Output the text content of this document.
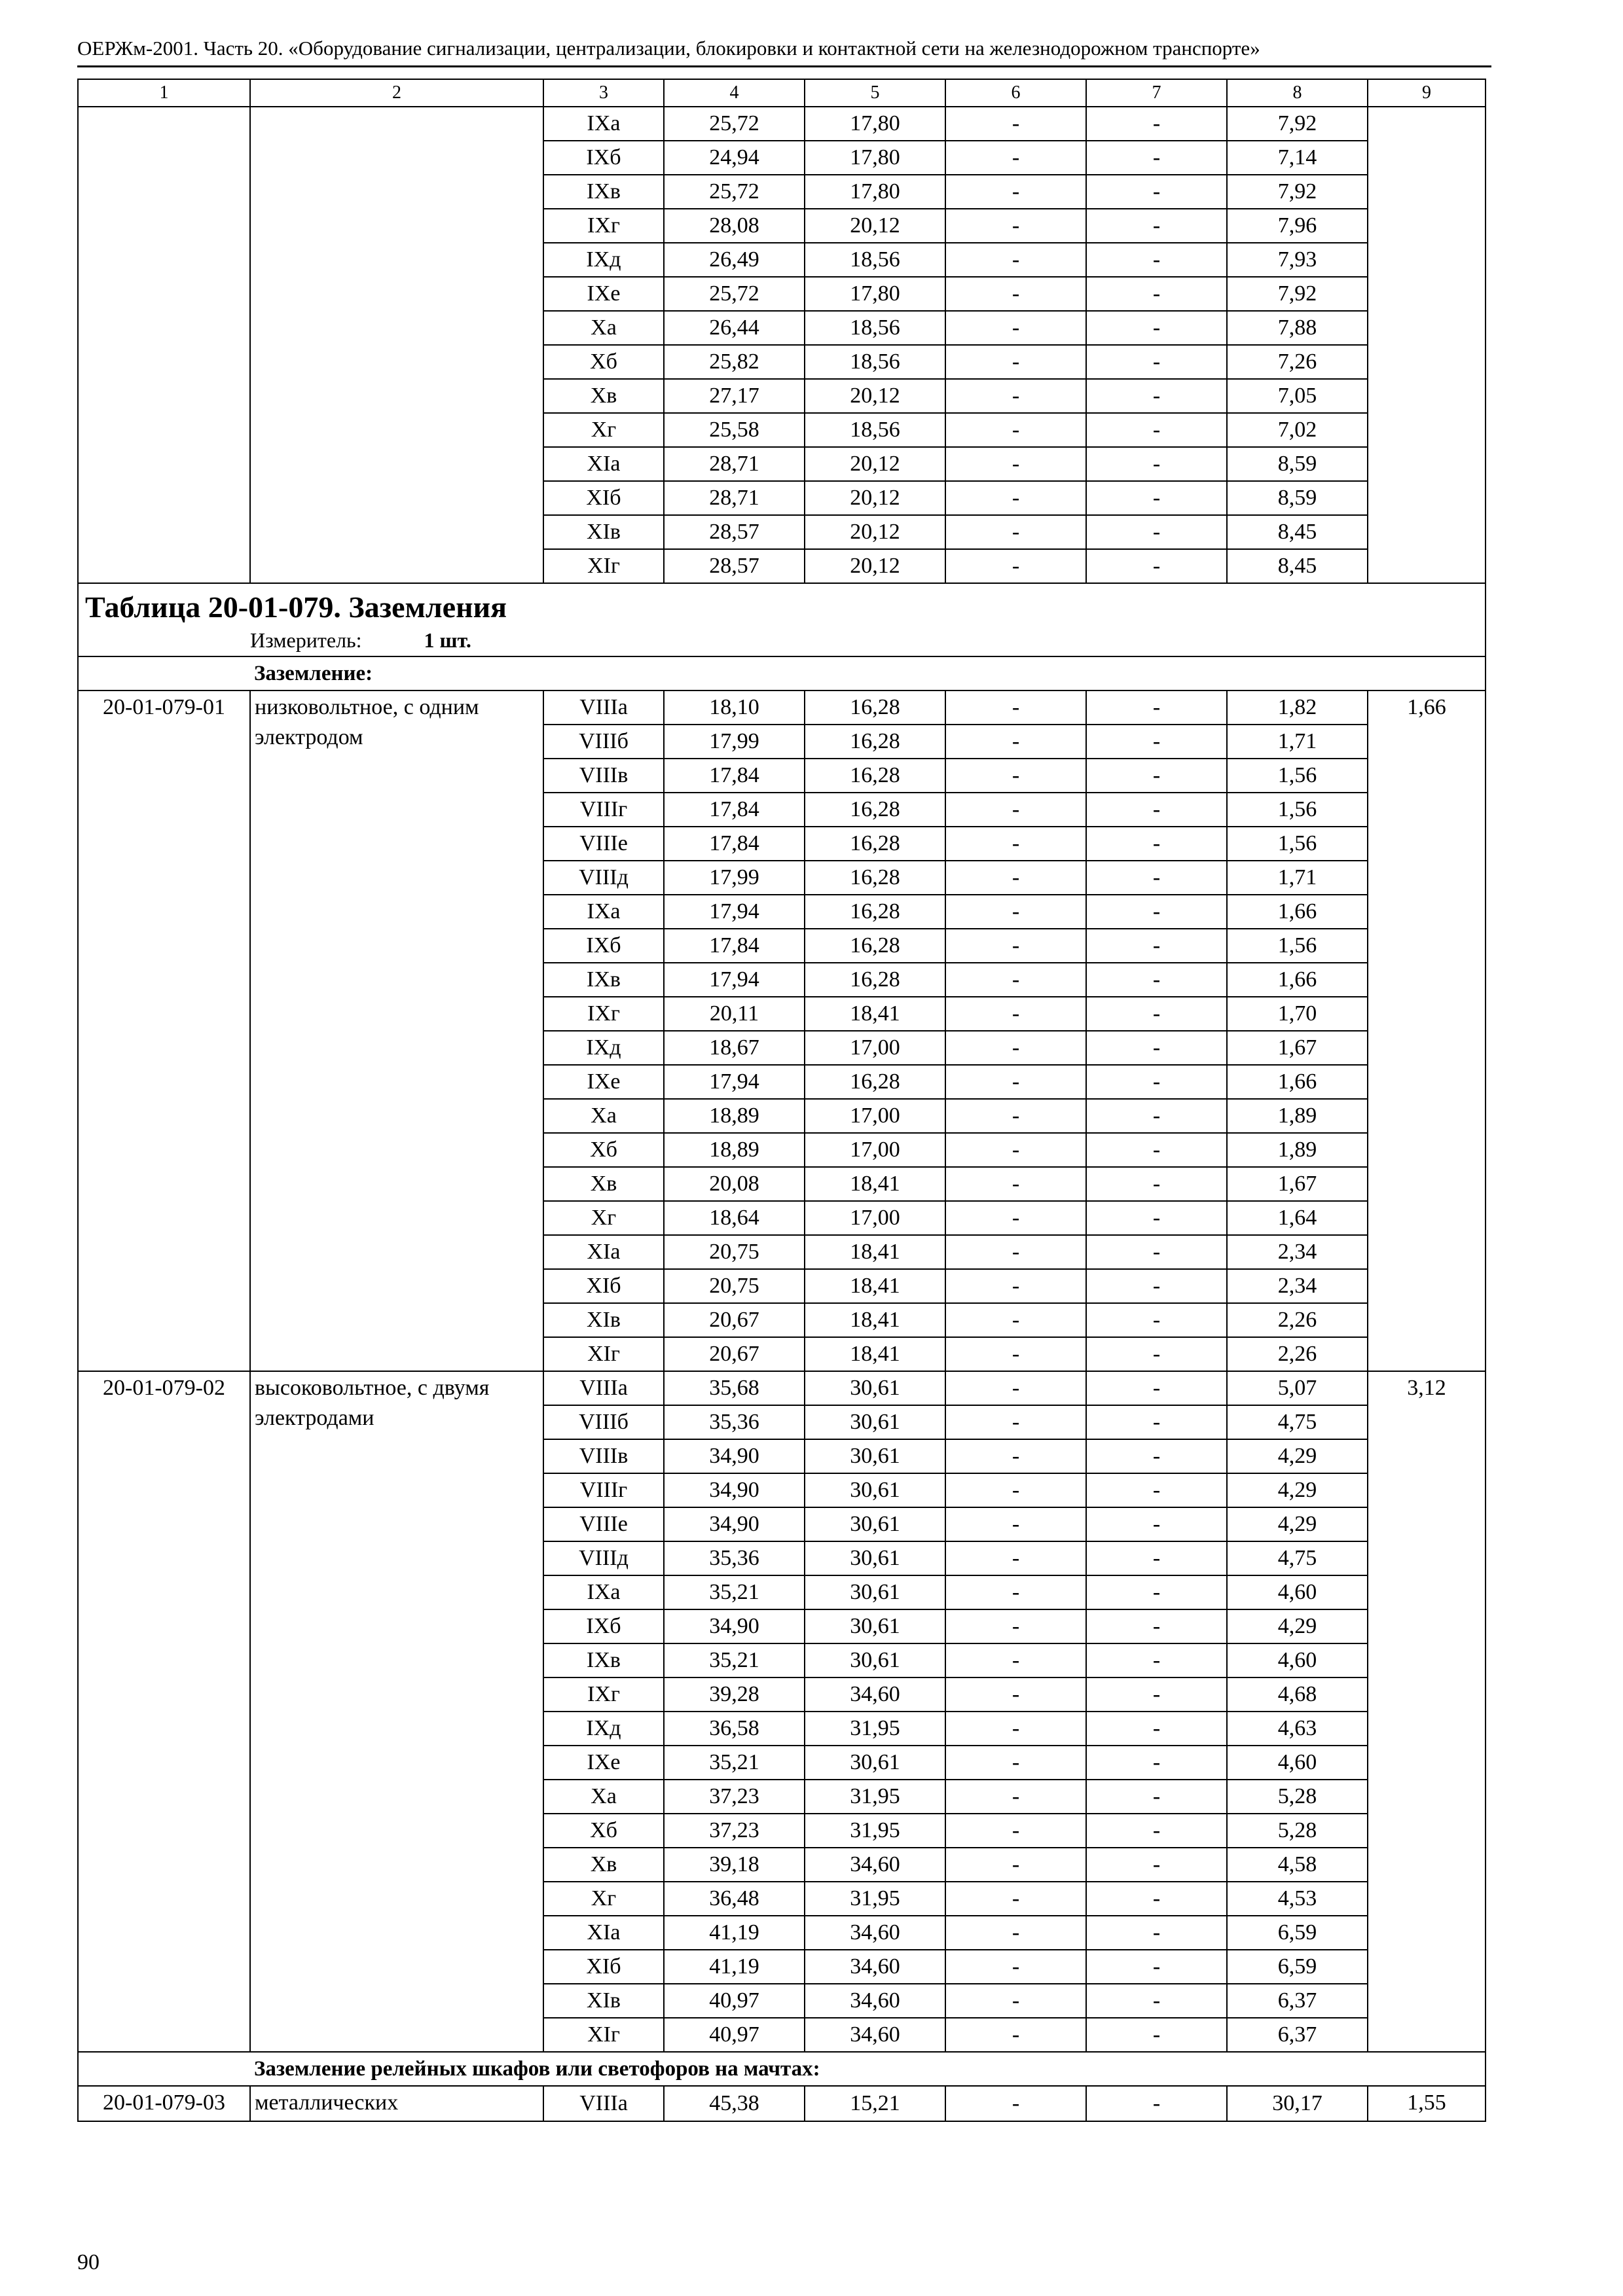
ОЕРЖм-2001. Часть 20. «Оборудование сигнализации, централизации, блокировки и контактной сети на железнодорожном транспорте»
1	2	3	4	5	6	7	8	9
		IXа	25,72	17,80	-	-	7,92	
		IXб	24,94	17,80	-	-	7,14	
		IXв	25,72	17,80	-	-	7,92	
		IXг	28,08	20,12	-	-	7,96	
		IXд	26,49	18,56	-	-	7,93	
		IXе	25,72	17,80	-	-	7,92	
		Xа	26,44	18,56	-	-	7,88	
		Xб	25,82	18,56	-	-	7,26	
		Xв	27,17	20,12	-	-	7,05	
		Xг	25,58	18,56	-	-	7,02	
		XIа	28,71	20,12	-	-	8,59	
		XIб	28,71	20,12	-	-	8,59	
		XIв	28,57	20,12	-	-	8,45	
		XIг	28,57	20,12	-	-	8,45	

Таблица 20-01-079. Заземления
Измеритель: 1 шт.								

Заземление:								
20-01-079-01	низковольтное, с одним электродом	VIIIа	18,10	16,28	-	-	1,82	1,66
		VIIIб	17,99	16,28	-	-	1,71	
		VIIIв	17,84	16,28	-	-	1,56	
		VIIIг	17,84	16,28	-	-	1,56	
		VIIIе	17,84	16,28	-	-	1,56	
		VIIIд	17,99	16,28	-	-	1,71	
		IXа	17,94	16,28	-	-	1,66	
		IXб	17,84	16,28	-	-	1,56	
		IXв	17,94	16,28	-	-	1,66	
		IXг	20,11	18,41	-	-	1,70	
		IXд	18,67	17,00	-	-	1,67	
		IXе	17,94	16,28	-	-	1,66	
		Xа	18,89	17,00	-	-	1,89	
		Xб	18,89	17,00	-	-	1,89	
		Xв	20,08	18,41	-	-	1,67	
		Xг	18,64	17,00	-	-	1,64	
		XIа	20,75	18,41	-	-	2,34	
		XIб	20,75	18,41	-	-	2,34	
		XIв	20,67	18,41	-	-	2,26	
		XIг	20,67	18,41	-	-	2,26	
20-01-079-02	высоковольтное, с двумя электродами	VIIIа	35,68	30,61	-	-	5,07	3,12
		VIIIб	35,36	30,61	-	-	4,75	
		VIIIв	34,90	30,61	-	-	4,29	
		VIIIг	34,90	30,61	-	-	4,29	
		VIIIе	34,90	30,61	-	-	4,29	
		VIIIд	35,36	30,61	-	-	4,75	
		IXа	35,21	30,61	-	-	4,60	
		IXб	34,90	30,61	-	-	4,29	
		IXв	35,21	30,61	-	-	4,60	
		IXг	39,28	34,60	-	-	4,68	
		IXд	36,58	31,95	-	-	4,63	
		IXе	35,21	30,61	-	-	4,60	
		Xа	37,23	31,95	-	-	5,28	
		Xб	37,23	31,95	-	-	5,28	
		Xв	39,18	34,60	-	-	4,58	
		Xг	36,48	31,95	-	-	4,53	
		XIа	41,19	34,60	-	-	6,59	
		XIб	41,19	34,60	-	-	6,59	
		XIв	40,97	34,60	-	-	6,37	
		XIг	40,97	34,60	-	-	6,37	
Заземление релейных шкафов или светофоров на мачтах:								
20-01-079-03	металлических	VIIIа	45,38	15,21	-	-	30,17	1,55
90
